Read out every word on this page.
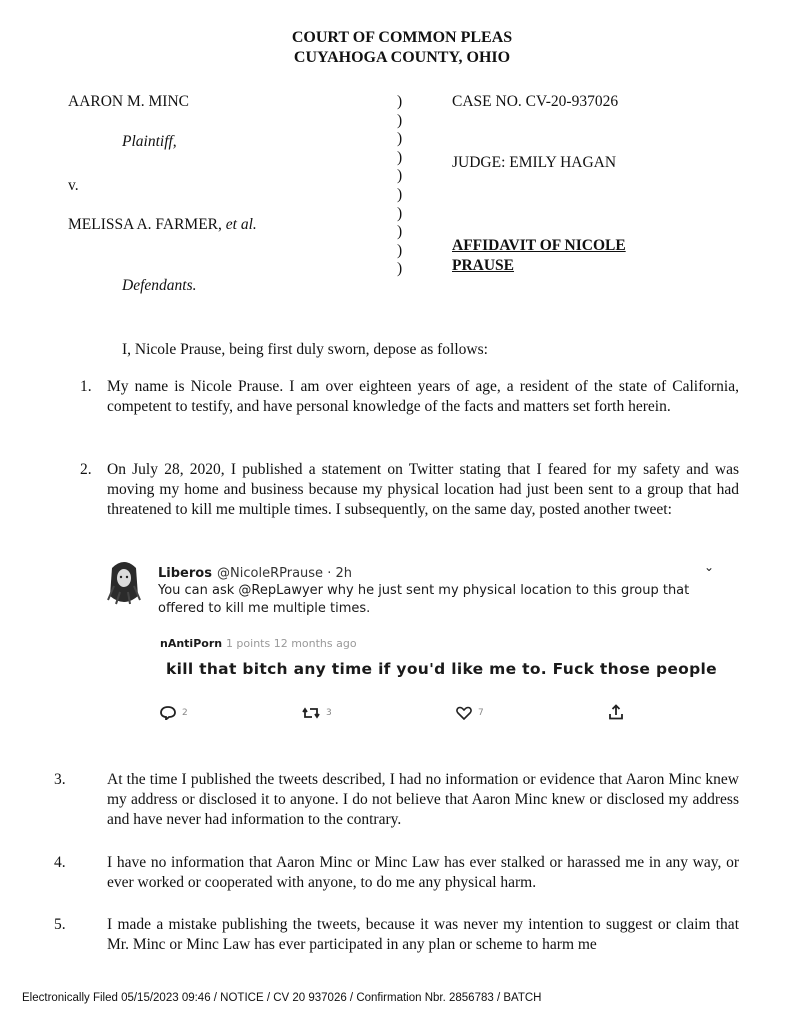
COURT OF COMMON PLEAS
CUYAHOGA COUNTY, OHIO
AARON M. MINC
Plaintiff,
v.
MELISSA A. FARMER, et al.
Defendants.
)
)
)
)
)
)
)
)
)
)
CASE NO. CV-20-937026
JUDGE: EMILY HAGAN
AFFIDAVIT OF NICOLE
PRAUSE
I, Nicole Prause, being first duly sworn, depose as follows:
1. My name is Nicole Prause. I am over eighteen years of age, a resident of the state of California, competent to testify, and have personal knowledge of the facts and matters set forth herein.
2. On July 28, 2020, I published a statement on Twitter stating that I feared for my safety and was moving my home and business because my physical location had just been sent to a group that had threatened to kill me multiple times. I subsequently, on the same day, posted another tweet:
Liberos @NicoleRPrause · 2h	⌄
You can ask @RepLawyer why he just sent my physical location to this group that offered to kill me multiple times.
nAntiPorn 1 points 12 months ago
kill that bitch any time if you'd like me to. Fuck those people
2	3	7
3.	At the time I published the tweets described, I had no information or evidence that Aaron Minc knew my address or disclosed it to anyone. I do not believe that Aaron Minc knew or disclosed my address and have never had information to the contrary.
4.	I have no information that Aaron Minc or Minc Law has ever stalked or harassed me in any way, or ever worked or cooperated with anyone, to do me any physical harm.
5.	I made a mistake publishing the tweets, because it was never my intention to suggest or claim that Mr. Minc or Minc Law has ever participated in any plan or scheme to harm me
Electronically Filed 05/15/2023 09:46 / NOTICE / CV 20 937026 / Confirmation Nbr. 2856783 / BATCH
